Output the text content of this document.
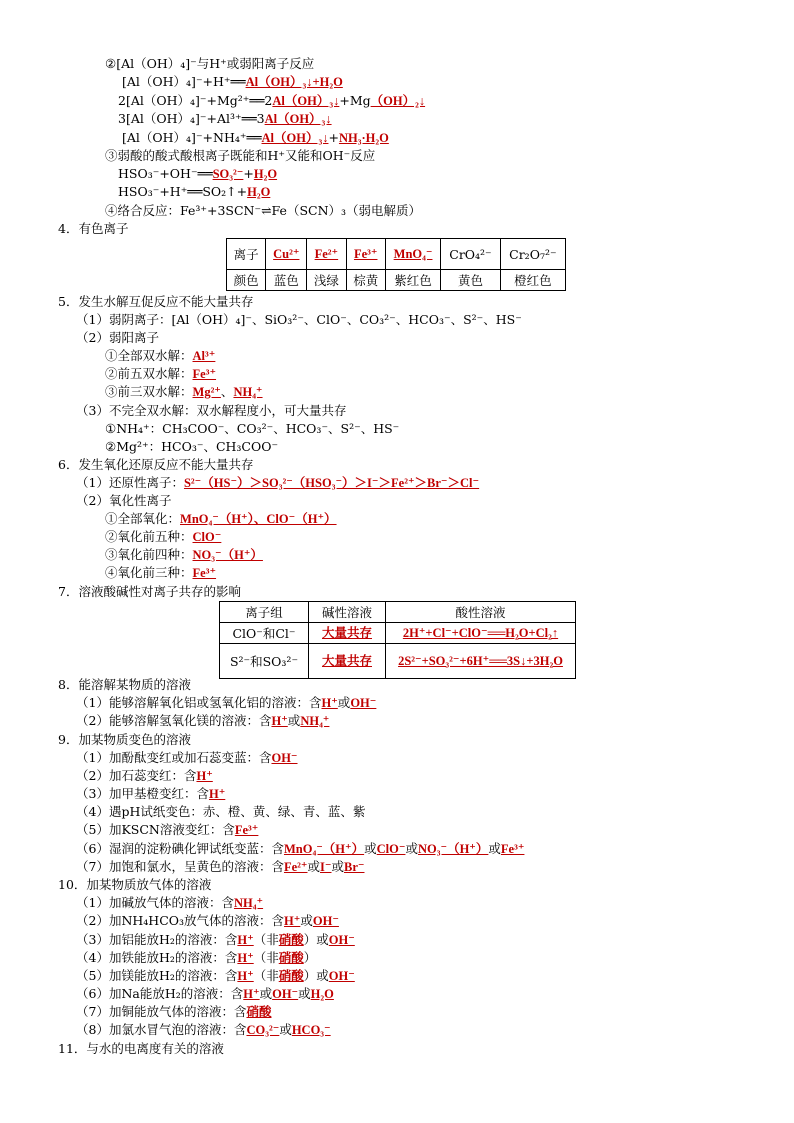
②[Al（OH）₄]⁻与H⁺或弱阳离子反应
[Al（OH）₄]⁻+H⁺══Al（OH）₃↓+H₂O
2[Al（OH）₄]⁻+Mg²⁺══2Al（OH）₃↓+Mg（OH）₂↓
3[Al（OH）₄]⁻+Al³⁺══3Al（OH）₃↓
[Al（OH）₄]⁻+NH₄⁺══Al（OH）₃↓+NH₃·H₂O
③弱酸的酸式酸根离子既能和H⁺又能和OH⁻反应
HSO₃⁻+OH⁻══SO₃²⁻+H₂O
HSO₃⁻+H⁺══SO₂↑+H₂O
④络合反应：Fe³⁺+3SCN⁻⇌Fe（SCN）₃（弱电解质）
4．有色离子
离子	Cu²⁺	Fe²⁺	Fe³⁺	MnO₄⁻	CrO₄²⁻	Cr₂O₇²⁻
颜色	蓝色	浅绿	棕黄	紫红色	黄色	橙红色
5．发生水解互促反应不能大量共存
（1）弱阴离子：[Al（OH）₄]⁻、SiO₃²⁻、ClO⁻、CO₃²⁻、HCO₃⁻、S²⁻、HS⁻
（2）弱阳离子
①全部双水解：Al³⁺
②前五双水解：Fe³⁺
③前三双水解：Mg²⁺、NH₄⁺
（3）不完全双水解：双水解程度小，可大量共存
①NH₄⁺：CH₃COO⁻、CO₃²⁻、HCO₃⁻、S²⁻、HS⁻
②Mg²⁺：HCO₃⁻、CH₃COO⁻
6．发生氧化还原反应不能大量共存
（1）还原性离子：S²⁻（HS⁻）＞SO₃²⁻（HSO₃⁻）＞I⁻＞Fe²⁺＞Br⁻＞Cl⁻
（2）氧化性离子
①全部氧化：MnO₄⁻（H⁺）、ClO⁻（H⁺）
②氧化前五种：ClO⁻
③氧化前四种：NO₃⁻（H⁺）
④氧化前三种：Fe³⁺
7．溶液酸碱性对离子共存的影响
离子组	碱性溶液	酸性溶液
ClO⁻和Cl⁻	大量共存	2H⁺+Cl⁻+ClO⁻══H₂O+Cl₂↑
S²⁻和SO₃²⁻	大量共存	2S²⁻+SO₃²⁻+6H⁺══3S↓+3H₂O
8．能溶解某物质的溶液
（1）能够溶解氧化铝或氢氧化铝的溶液：含H⁺或OH⁻
（2）能够溶解氢氧化镁的溶液：含H⁺或NH₄⁺
9．加某物质变色的溶液
（1）加酚酞变红或加石蕊变蓝：含OH⁻
（2）加石蕊变红：含H⁺
（3）加甲基橙变红：含H⁺
（4）遇pH试纸变色：赤、橙、黄、绿、青、蓝、紫
（5）加KSCN溶液变红：含Fe³⁺
（6）湿润的淀粉碘化钾试纸变蓝：含MnO₄⁻（H⁺）或ClO⁻或NO₃⁻（H⁺）或Fe³⁺
（7）加饱和氯水，呈黄色的溶液：含Fe²⁺或I⁻或Br⁻
10．加某物质放气体的溶液
（1）加碱放气体的溶液：含NH₄⁺
（2）加NH₄HCO₃放气体的溶液：含H⁺或OH⁻
（3）加铝能放H₂的溶液：含H⁺（非硝酸）或OH⁻
（4）加铁能放H₂的溶液：含H⁺（非硝酸）
（5）加镁能放H₂的溶液：含H⁺（非硝酸）或OH⁻
（6）加Na能放H₂的溶液：含H⁺或OH⁻或H₂O
（7）加铜能放气体的溶液：含硝酸
（8）加氯水冒气泡的溶液：含CO₃²⁻或HCO₃⁻
11．与水的电离度有关的溶液
